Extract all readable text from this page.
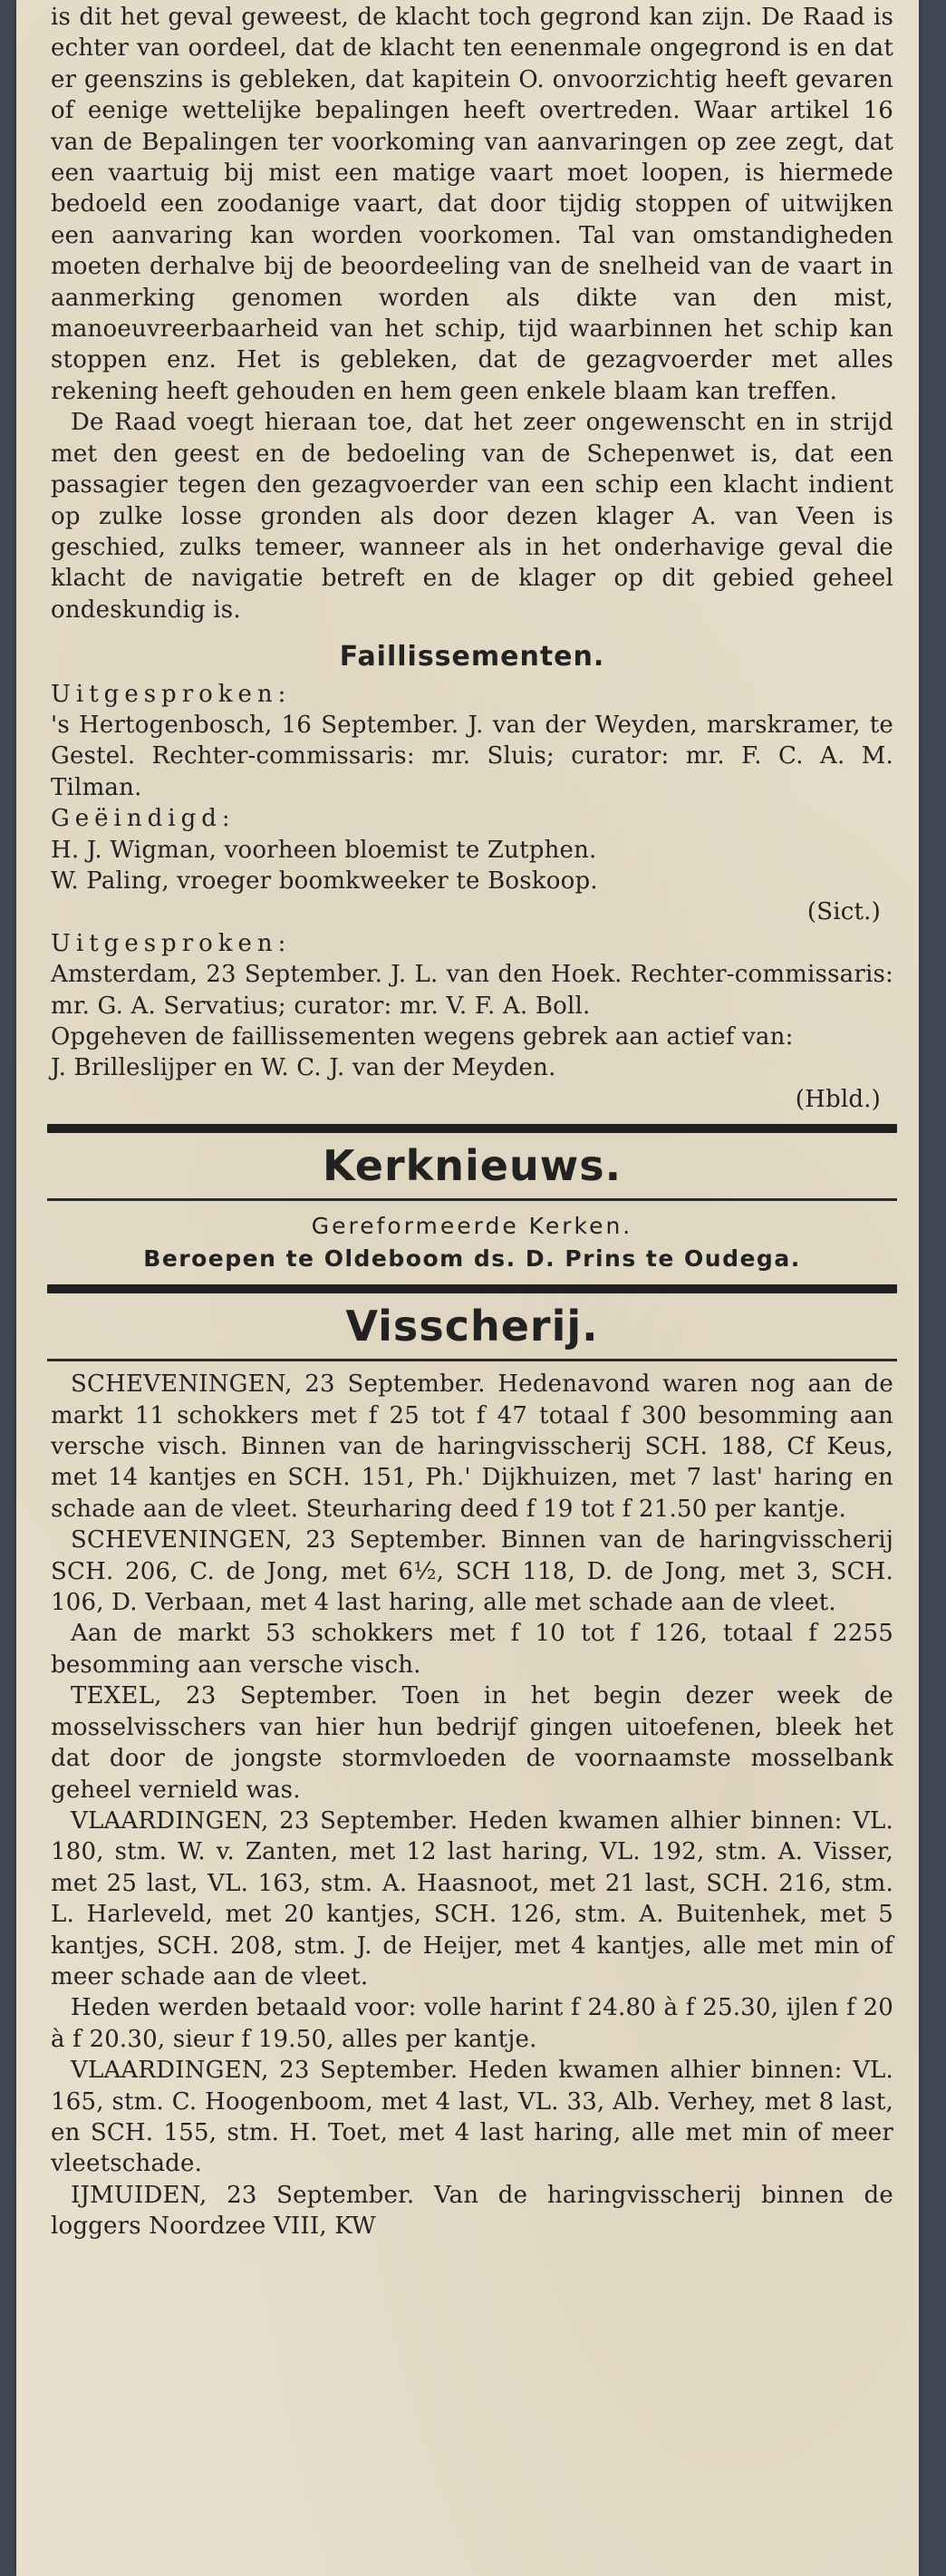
is dit het geval geweest, de klacht toch gegrond kan zijn. De Raad is echter van oordeel, dat de klacht ten eenenmale ongegrond is en dat er geenszins is gebleken, dat kapitein O. onvoorzichtig heeft gevaren of eenige wettelijke bepalingen heeft overtreden. Waar artikel 16 van de Bepalingen ter voorkoming van aanvaringen op zee zegt, dat een vaartuig bij mist een matige vaart moet loopen, is hiermede bedoeld een zoodanige vaart, dat door tijdig stoppen of uitwijken een aanvaring kan worden voorkomen. Tal van omstandigheden moeten derhalve bij de beoordeeling van de snelheid van de vaart in aanmerking genomen worden als dikte van den mist, manoeuvreerbaarheid van het schip, tijd waarbinnen het schip kan stoppen enz. Het is gebleken, dat de gezagvoerder met alles rekening heeft gehouden en hem geen enkele blaam kan treffen.

De Raad voegt hieraan toe, dat het zeer ongewenscht en in strijd met den geest en de bedoeling van de Schepenwet is, dat een passagier tegen den gezagvoerder van een schip een klacht indient op zulke losse gronden als door dezen klager A. van Veen is geschied, zulks temeer, wanneer als in het onderhavige geval die klacht de navigatie betreft en de klager op dit gebied geheel ondeskundig is.

Faillissementen.

Uitgesproken:

's Hertogenbosch, 16 September. J. van der Weyden, marskramer, te Gestel. Rechter-commissaris: mr. Sluis; curator: mr. F. C. A. M. Tilman.

Geëindigd:

H. J. Wigman, voorheen bloemist te Zutphen.

W. Paling, vroeger boomkweeker te Boskoop.

(Sict.)

Uitgesproken:

Amsterdam, 23 September. J. L. van den Hoek. Rechter-commissaris: mr. G. A. Servatius; curator: mr. V. F. A. Boll.

Opgeheven de faillissementen wegens gebrek aan actief van:

J. Brilleslijper en W. C. J. van der Meyden.

(Hbld.)

Kerknieuws.
Gereformeerde Kerken.
Beroepen te Oldeboom ds. D. Prins te Oudega.
Visscherij.

SCHEVENINGEN, 23 September. Hedenavond waren nog aan de markt 11 schokkers met f 25 tot f 47 totaal f 300 besomming aan versche visch. Binnen van de haringvisscherij SCH. 188, Cf Keus, met 14 kantjes en SCH. 151, Ph.' Dijkhuizen, met 7 last' haring en schade aan de vleet. Steurharing deed f 19 tot f 21.50 per kantje.

SCHEVENINGEN, 23 September. Binnen van de haringvisscherij SCH. 206, C. de Jong, met 6½, SCH 118, D. de Jong, met 3, SCH. 106, D. Verbaan, met 4 last haring, alle met schade aan de vleet.

Aan de markt 53 schokkers met f 10 tot f 126, totaal f 2255 besomming aan versche visch.

TEXEL, 23 September. Toen in het begin dezer week de mosselvisschers van hier hun bedrijf gingen uitoefenen, bleek het dat door de jongste stormvloeden de voornaamste mosselbank geheel vernield was.

VLAARDINGEN, 23 September. Heden kwamen alhier binnen: VL. 180, stm. W. v. Zanten, met 12 last haring, VL. 192, stm. A. Visser, met 25 last, VL. 163, stm. A. Haasnoot, met 21 last, SCH. 216, stm. L. Harleveld, met 20 kantjes, SCH. 126, stm. A. Buitenhek, met 5 kantjes, SCH. 208, stm. J. de Heijer, met 4 kantjes, alle met min of meer schade aan de vleet.

Heden werden betaald voor: volle harint f 24.80 à f 25.30, ijlen f 20 à f 20.30, sieur f 19.50, alles per kantje.

VLAARDINGEN, 23 September. Heden kwamen alhier binnen: VL. 165, stm. C. Hoogenboom, met 4 last, VL. 33, Alb. Verhey, met 8 last, en SCH. 155, stm. H. Toet, met 4 last haring, alle met min of meer vleetschade.

IJMUIDEN, 23 September. Van de haringvisscherij binnen de loggers Noordzee VIII, KW
